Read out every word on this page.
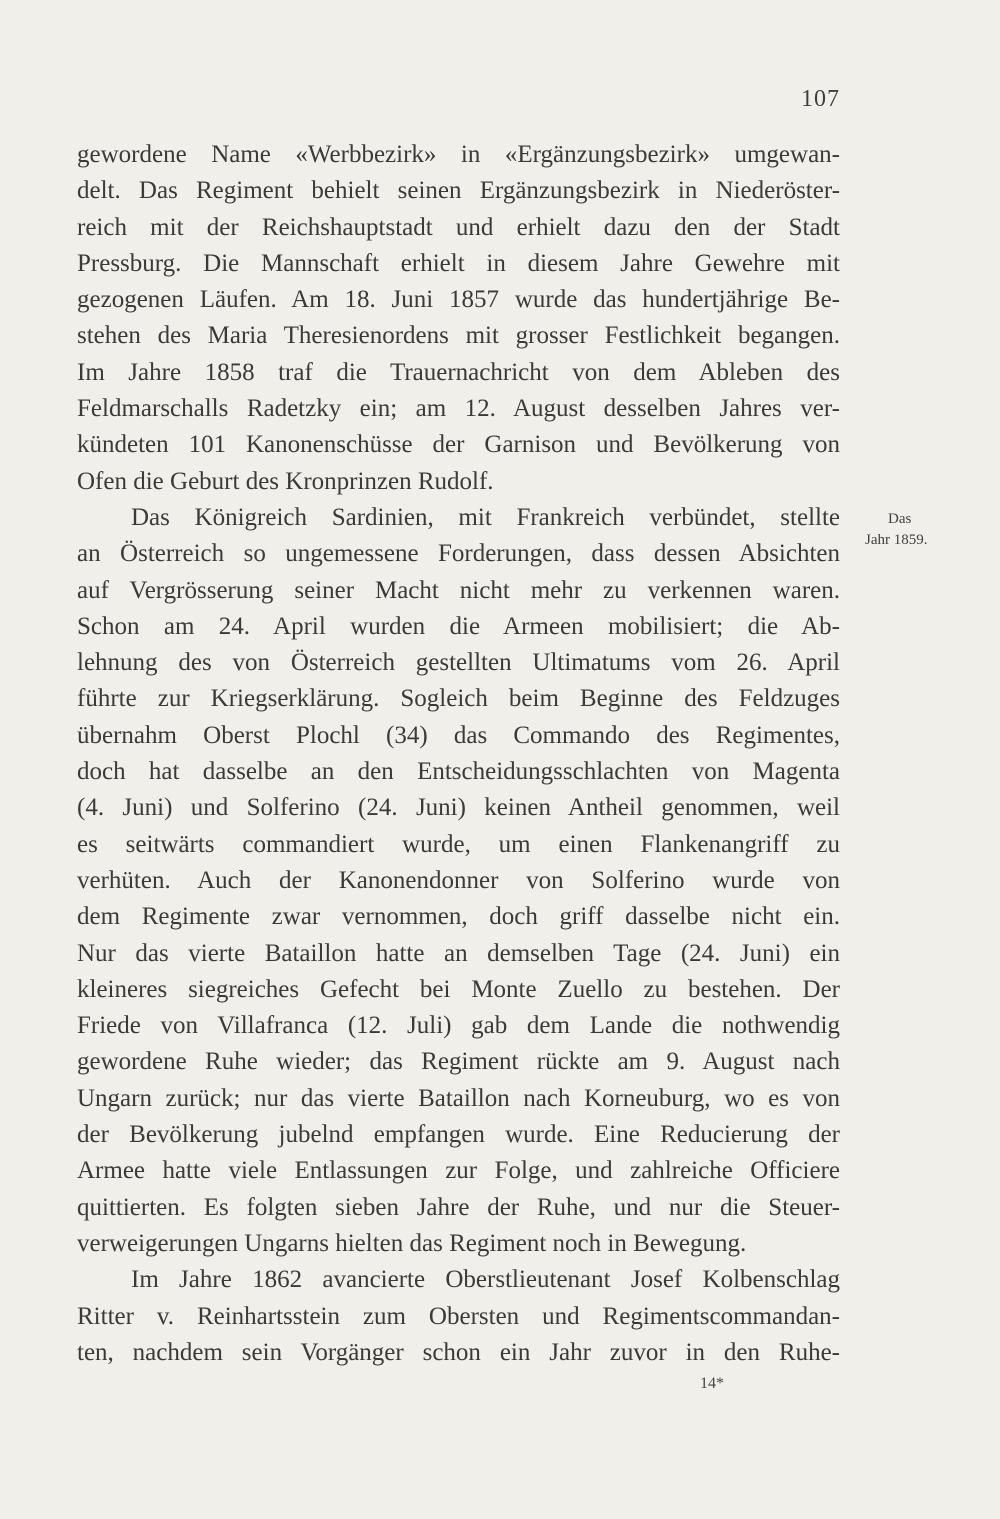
107
gewordene Name «Werbbezirk» in «Ergänzungsbezirk» umgewan-
delt. Das Regiment behielt seinen Ergänzungsbezirk in Niederöster-
reich mit der Reichshauptstadt und erhielt dazu den der Stadt
Pressburg. Die Mannschaft erhielt in diesem Jahre Gewehre mit
gezogenen Läufen. Am 18. Juni 1857 wurde das hundertjährige Be-
stehen des Maria Theresienordens mit grosser Festlichkeit begangen.
Im Jahre 1858 traf die Trauernachricht von dem Ableben des
Feldmarschalls Radetzky ein; am 12. August desselben Jahres ver-
kündeten 101 Kanonenschüsse der Garnison und Bevölkerung von
Ofen die Geburt des Kronprinzen Rudolf.
Das Königreich Sardinien, mit Frankreich verbündet, stellte
an Österreich so ungemessene Forderungen, dass dessen Absichten
auf Vergrösserung seiner Macht nicht mehr zu verkennen waren.
Schon am 24. April wurden die Armeen mobilisiert; die Ab-
lehnung des von Österreich gestellten Ultimatums vom 26. April
führte zur Kriegserklärung. Sogleich beim Beginne des Feldzuges
übernahm Oberst Plochl (34) das Commando des Regimentes,
doch hat dasselbe an den Entscheidungsschlachten von Magenta
(4. Juni) und Solferino (24. Juni) keinen Antheil genommen, weil
es seitwärts commandiert wurde, um einen Flankenangriff zu
verhüten. Auch der Kanonendonner von Solferino wurde von
dem Regimente zwar vernommen, doch griff dasselbe nicht ein.
Nur das vierte Bataillon hatte an demselben Tage (24. Juni) ein
kleineres siegreiches Gefecht bei Monte Zuello zu bestehen. Der
Friede von Villafranca (12. Juli) gab dem Lande die nothwendig
gewordene Ruhe wieder; das Regiment rückte am 9. August nach
Ungarn zurück; nur das vierte Bataillon nach Korneuburg, wo es von
der Bevölkerung jubelnd empfangen wurde. Eine Reducierung der
Armee hatte viele Entlassungen zur Folge, und zahlreiche Officiere
quittierten. Es folgten sieben Jahre der Ruhe, und nur die Steuer-
verweigerungen Ungarns hielten das Regiment noch in Bewegung.
Im Jahre 1862 avancierte Oberstlieutenant Josef Kolbenschlag
Ritter v. Reinhartsstein zum Obersten und Regimentscommandan-
ten, nachdem sein Vorgänger schon ein Jahr zuvor in den Ruhe-
Das
Jahr 1859.
14*
